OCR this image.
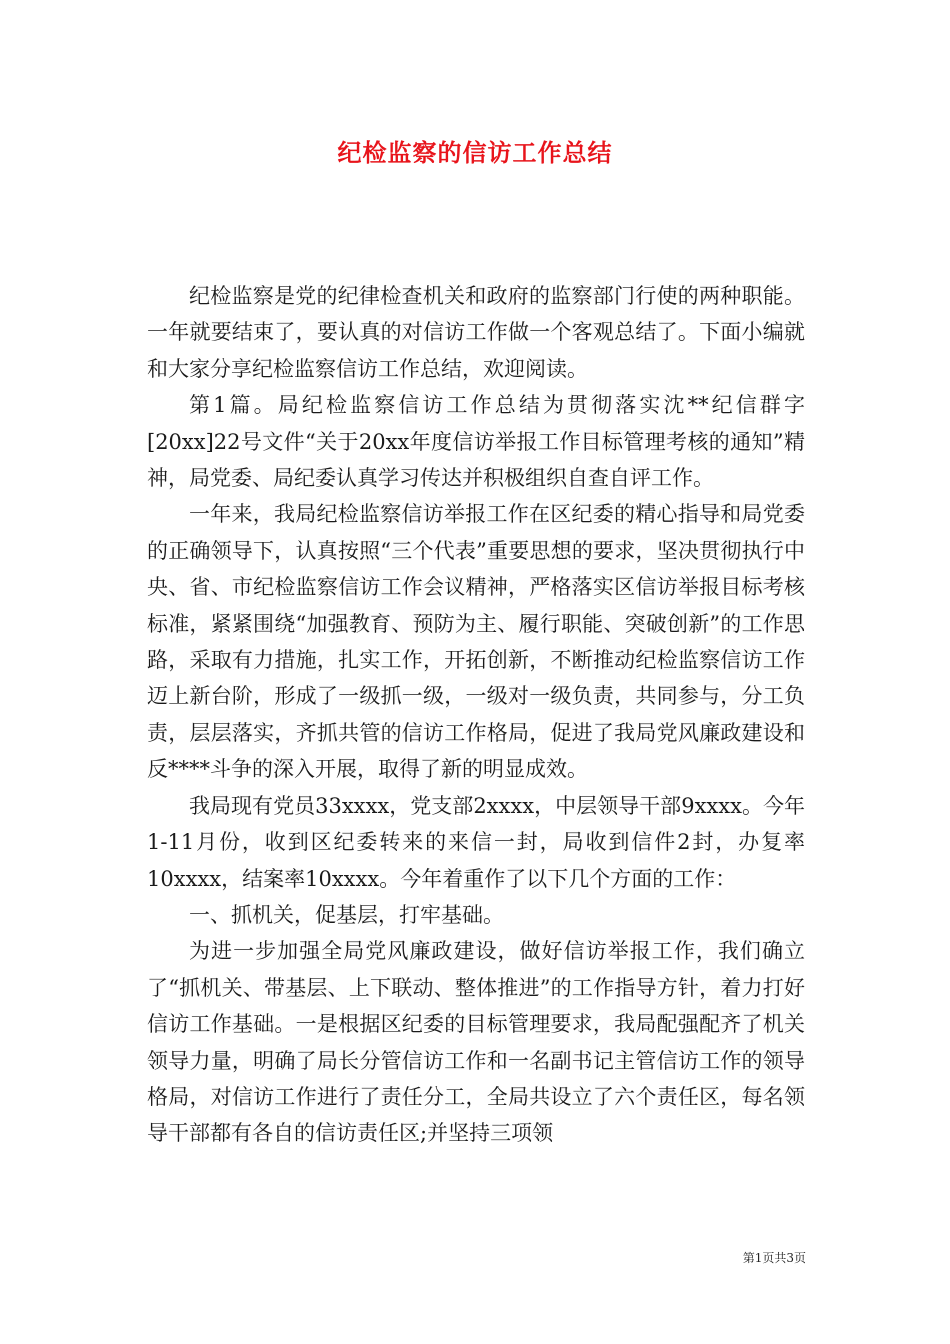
纪检监察的信访工作总结

纪检监察是党的纪律检查机关和政府的监察部门行使的两种职能。一年就要结束了，要认真的对信访工作做一个客观总结了。下面小编就和大家分享纪检监察信访工作总结，欢迎阅读。

第1篇。局纪检监察信访工作总结为贯彻落实沈**纪信群字[20xx]22号文件“关于20xx年度信访举报工作目标管理考核的通知”精神，局党委、局纪委认真学习传达并积极组织自查自评工作。

一年来，我局纪检监察信访举报工作在区纪委的精心指导和局党委的正确领导下，认真按照“三个代表”重要思想的要求，坚决贯彻执行中央、省、市纪检监察信访工作会议精神，严格落实区信访举报目标考核标准，紧紧围绕“加强教育、预防为主、履行职能、突破创新”的工作思路，采取有力措施，扎实工作，开拓创新，不断推动纪检监察信访工作迈上新台阶，形成了一级抓一级，一级对一级负责，共同参与，分工负责，层层落实，齐抓共管的信访工作格局，促进了我局党风廉政建设和反****斗争的深入开展，取得了新的明显成效。

我局现有党员33xxxx，党支部2xxxx，中层领导干部9xxxx。今年1-11月份，收到区纪委转来的来信一封，局收到信件2封，办复率10xxxx，结案率10xxxx。今年着重作了以下几个方面的工作：

一、抓机关，促基层，打牢基础。

为进一步加强全局党风廉政建设，做好信访举报工作，我们确立了“抓机关、带基层、上下联动、整体推进”的工作指导方针，着力打好信访工作基础。一是根据区纪委的目标管理要求，我局配强配齐了机关领导力量，明确了局长分管信访工作和一名副书记主管信访工作的领导格局，对信访工作进行了责任分工，全局共设立了六个责任区，每名领导干部都有各自的信访责任区;并坚持三项领

第1页共3页
